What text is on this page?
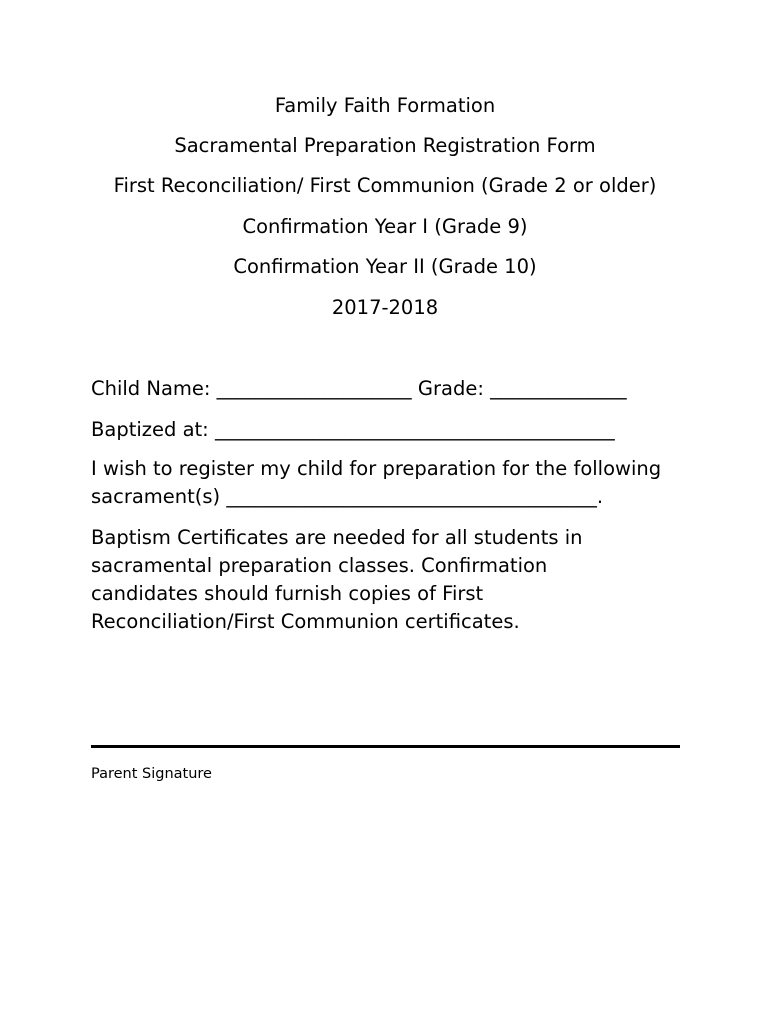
Family Faith Formation
Sacramental Preparation Registration Form
First Reconciliation/ First Communion (Grade 2 or older)
Confirmation Year I (Grade 9)
Confirmation Year II (Grade 10)
2017-2018
Child Name: ____________________ Grade: ______________
Baptized at: _________________________________________
I wish to register my child for preparation for the following
sacrament(s) ______________________________________.
Baptism Certificates are needed for all students in
sacramental preparation classes. Confirmation
candidates should furnish copies of First
Reconciliation/First Communion certificates.
Parent Signature
